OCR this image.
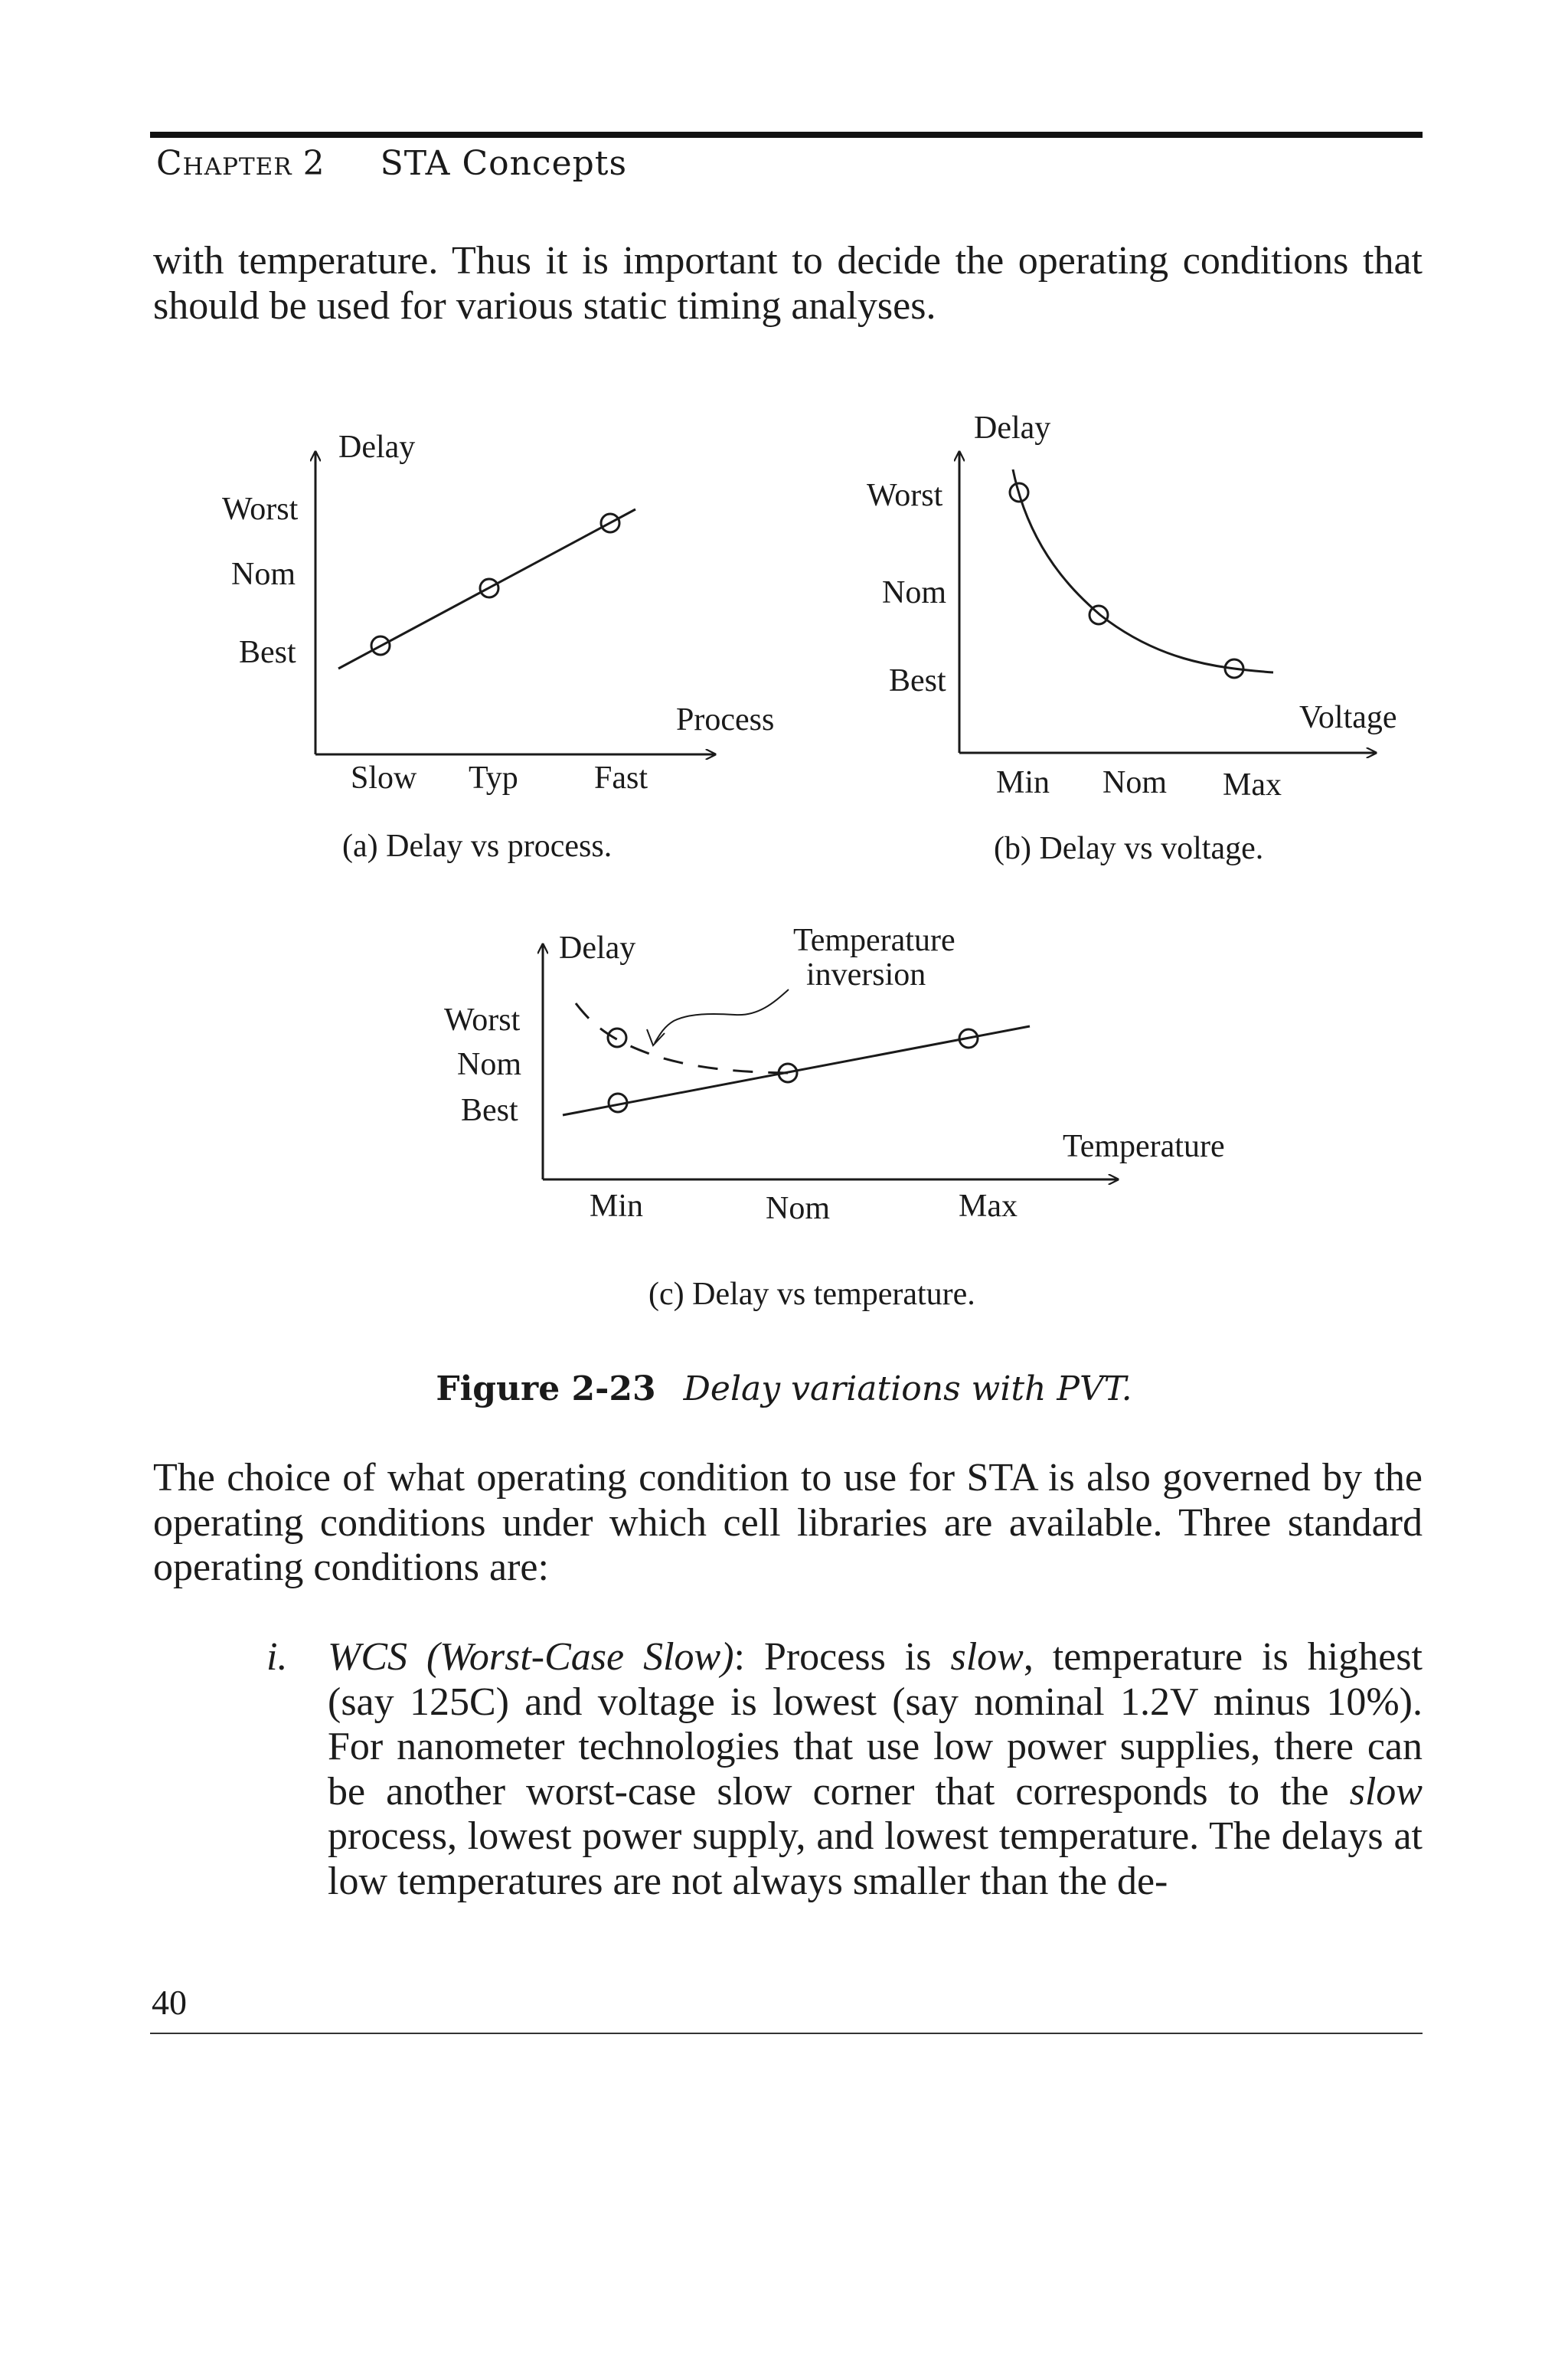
Chapter 2 STA Concepts
with temperature. Thus it is important to decide the operating conditions that should be used for various static timing analyses.
Delay
Process
Worst
Nom
Best
Slow Typ Fast
(a) Delay vs process.
Delay
Voltage
Worst
Nom
Best
Min Nom Max
(b) Delay vs voltage.
Delay
Temperature
Worst
Nom
Best
Min	Nom	Max
Temperature
inversion
(c) Delay vs temperature.
Figure 2-23 Delay variations with PVT.
The choice of what operating condition to use for STA is also governed by the operating conditions under which cell libraries are available. Three standard operating conditions are:
i. WCS (Worst-Case Slow): Process is slow, temperature is highest (say 125C) and voltage is lowest (say nominal 1.2V minus 10%). For nanometer technologies that use low power supplies, there can be another worst-case slow corner that corresponds to the slow process, lowest power supply, and lowest temperature. The delays at low temperatures are not always smaller than the de-
40
